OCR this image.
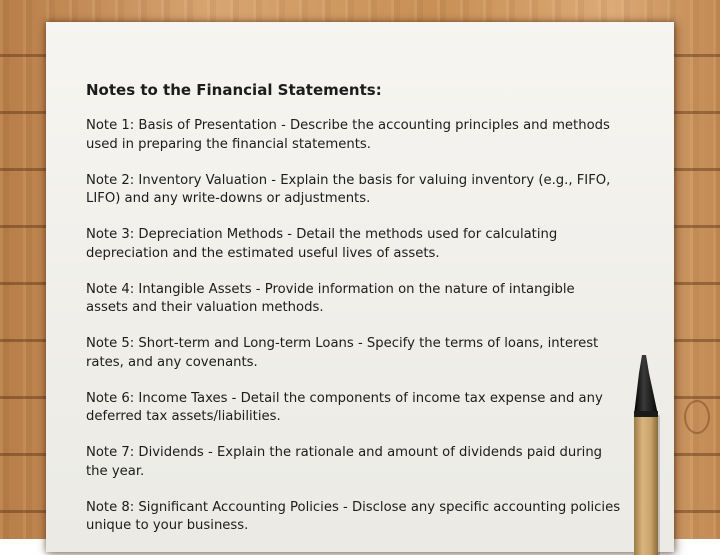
Notes to the Financial Statements:
Note 1: Basis of Presentation - Describe the accounting principles and methods
used in preparing the financial statements.
Note 2: Inventory Valuation - Explain the basis for valuing inventory (e.g., FIFO,
LIFO) and any write-downs or adjustments.
Note 3: Depreciation Methods - Detail the methods used for calculating
depreciation and the estimated useful lives of assets.
Note 4: Intangible Assets - Provide information on the nature of intangible
assets and their valuation methods.
Note 5: Short-term and Long-term Loans - Specify the terms of loans, interest
rates, and any covenants.
Note 6: Income Taxes - Detail the components of income tax expense and any
deferred tax assets/liabilities.
Note 7: Dividends - Explain the rationale and amount of dividends paid during
the year.
Note 8: Significant Accounting Policies - Disclose any specific accounting policies
unique to your business.
